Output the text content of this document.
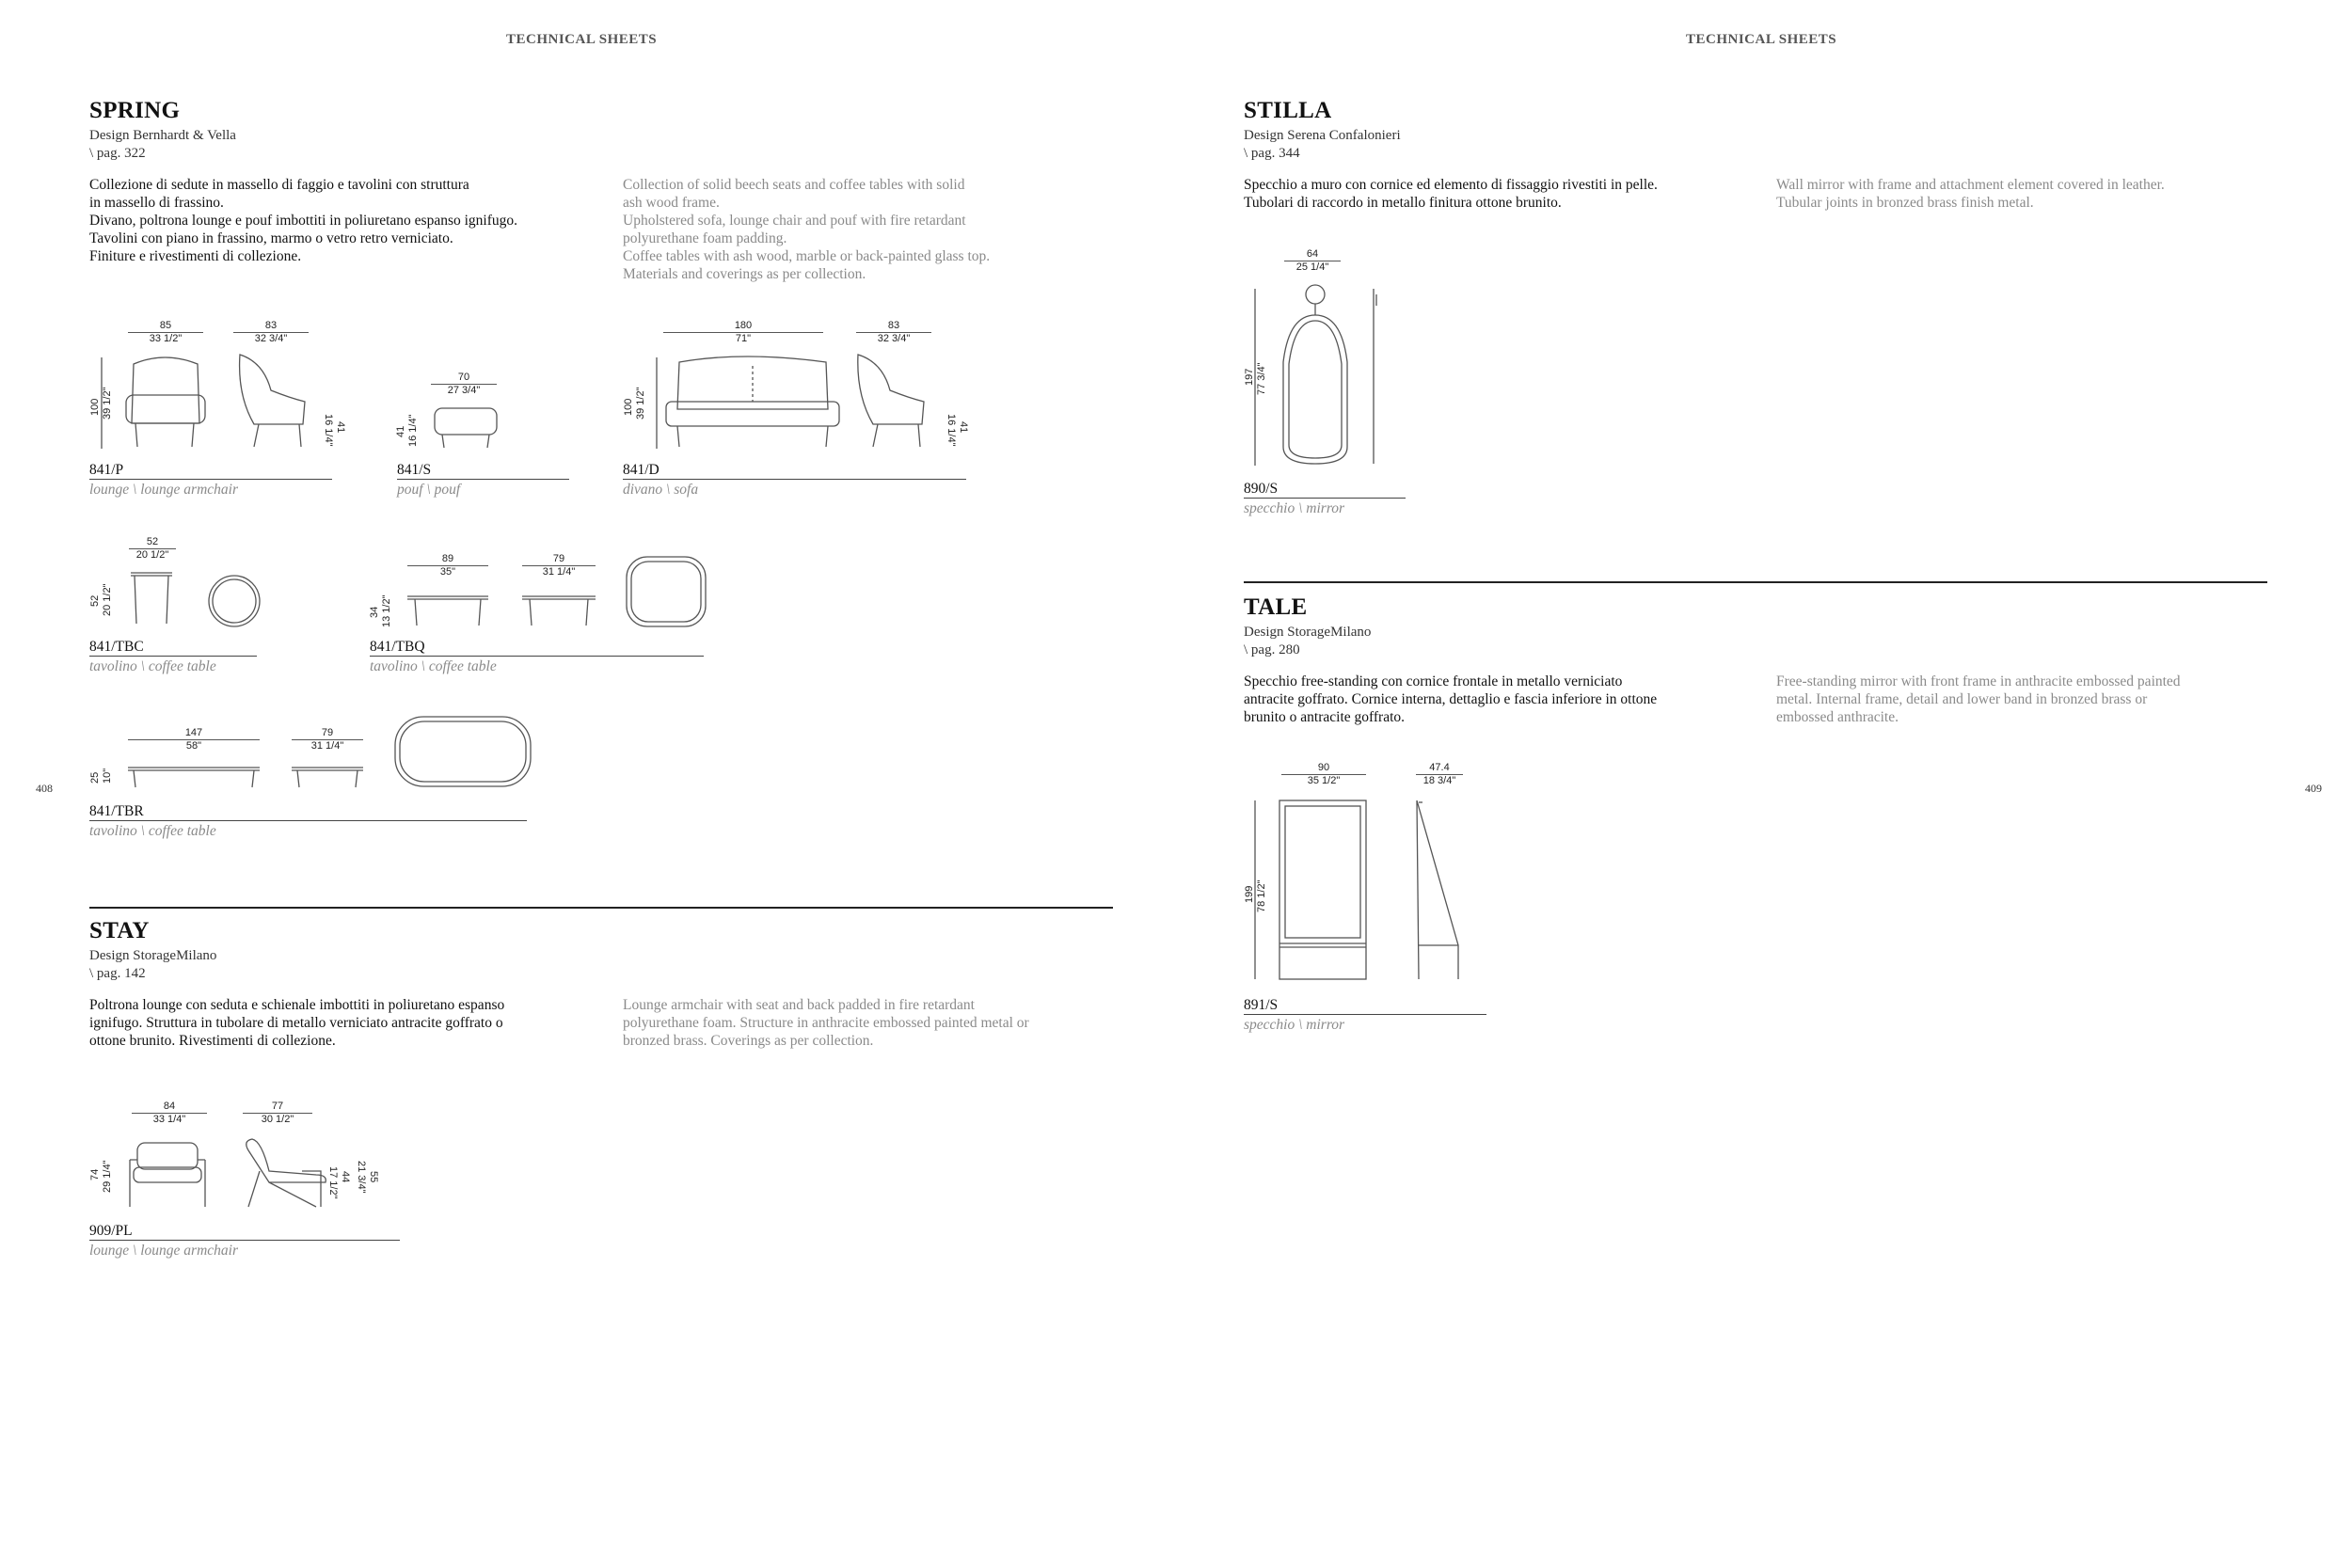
TECHNICAL SHEETS	TECHNICAL SHEETS
408	409
SPRING
Design Bernhardt & Vella
\ pag. 322
Collezione di sedute in massello di faggio e tavolini con struttura
in massello di frassino.
Divano, poltrona lounge e pouf imbottiti in poliuretano espanso ignifugo.
Tavolini con piano in frassino, marmo o vetro retro verniciato.
Finiture e rivestimenti di collezione.
Collection of solid beech seats and coffee tables with solid
ash wood frame.
Upholstered sofa, lounge chair and pouf with fire retardant
polyurethane foam padding.
Coffee tables with ash wood, marble or back-painted glass top.
Materials and coverings as per collection.
85
33 1/2"
83
32 3/4"
100 39 1/2"
41
16 1/4"
841/P
lounge \ lounge armchair
70
27 3/4"
41 16 1/4"
841/S
pouf \ pouf
180
71"
83
32 3/4"
100 39 1/2"
41
16 1/4"
841/D
divano \ sofa
52
20 1/2"
52 20 1/2"
841/TBC
tavolino \ coffee table
89
35"
79
31 1/4"
34 13 1/2"
841/TBQ
tavolino \ coffee table
147
58"
79
31 1/4"
25 10"
841/TBR
tavolino \ coffee table
STAY
Design StorageMilano
\ pag. 142
Poltrona lounge con seduta e schienale imbottiti in poliuretano espanso
ignifugo. Struttura in tubolare di metallo verniciato antracite goffrato o
ottone brunito. Rivestimenti di collezione.
Lounge armchair with seat and back padded in fire retardant
polyurethane foam. Structure in anthracite embossed painted metal or
bronzed brass. Coverings as per collection.
84
33 1/4"
77
30 1/2"
74 29 1/4"	44
17 1/2"	55
21 3/4"
909/PL
lounge \ lounge armchair
STILLA
Design Serena Confalonieri
\ pag. 344
Specchio a muro con cornice ed elemento di fissaggio rivestiti in pelle.
Tubolari di raccordo in metallo finitura ottone brunito.
Wall mirror with frame and attachment element covered in leather.
Tubular joints in bronzed brass finish metal.
64
25 1/4"
197 77 3/4"
890/S
specchio \ mirror
TALE
Design StorageMilano
\ pag. 280
Specchio free-standing con cornice frontale in metallo verniciato
antracite goffrato. Cornice interna, dettaglio e fascia inferiore in ottone
brunito o antracite goffrato.
Free-standing mirror with front frame in anthracite embossed painted
metal. Internal frame, detail and lower band in bronzed brass or
embossed anthracite.
90
35 1/2"
47.4
18 3/4"
199 78 1/2"
891/S
specchio \ mirror
